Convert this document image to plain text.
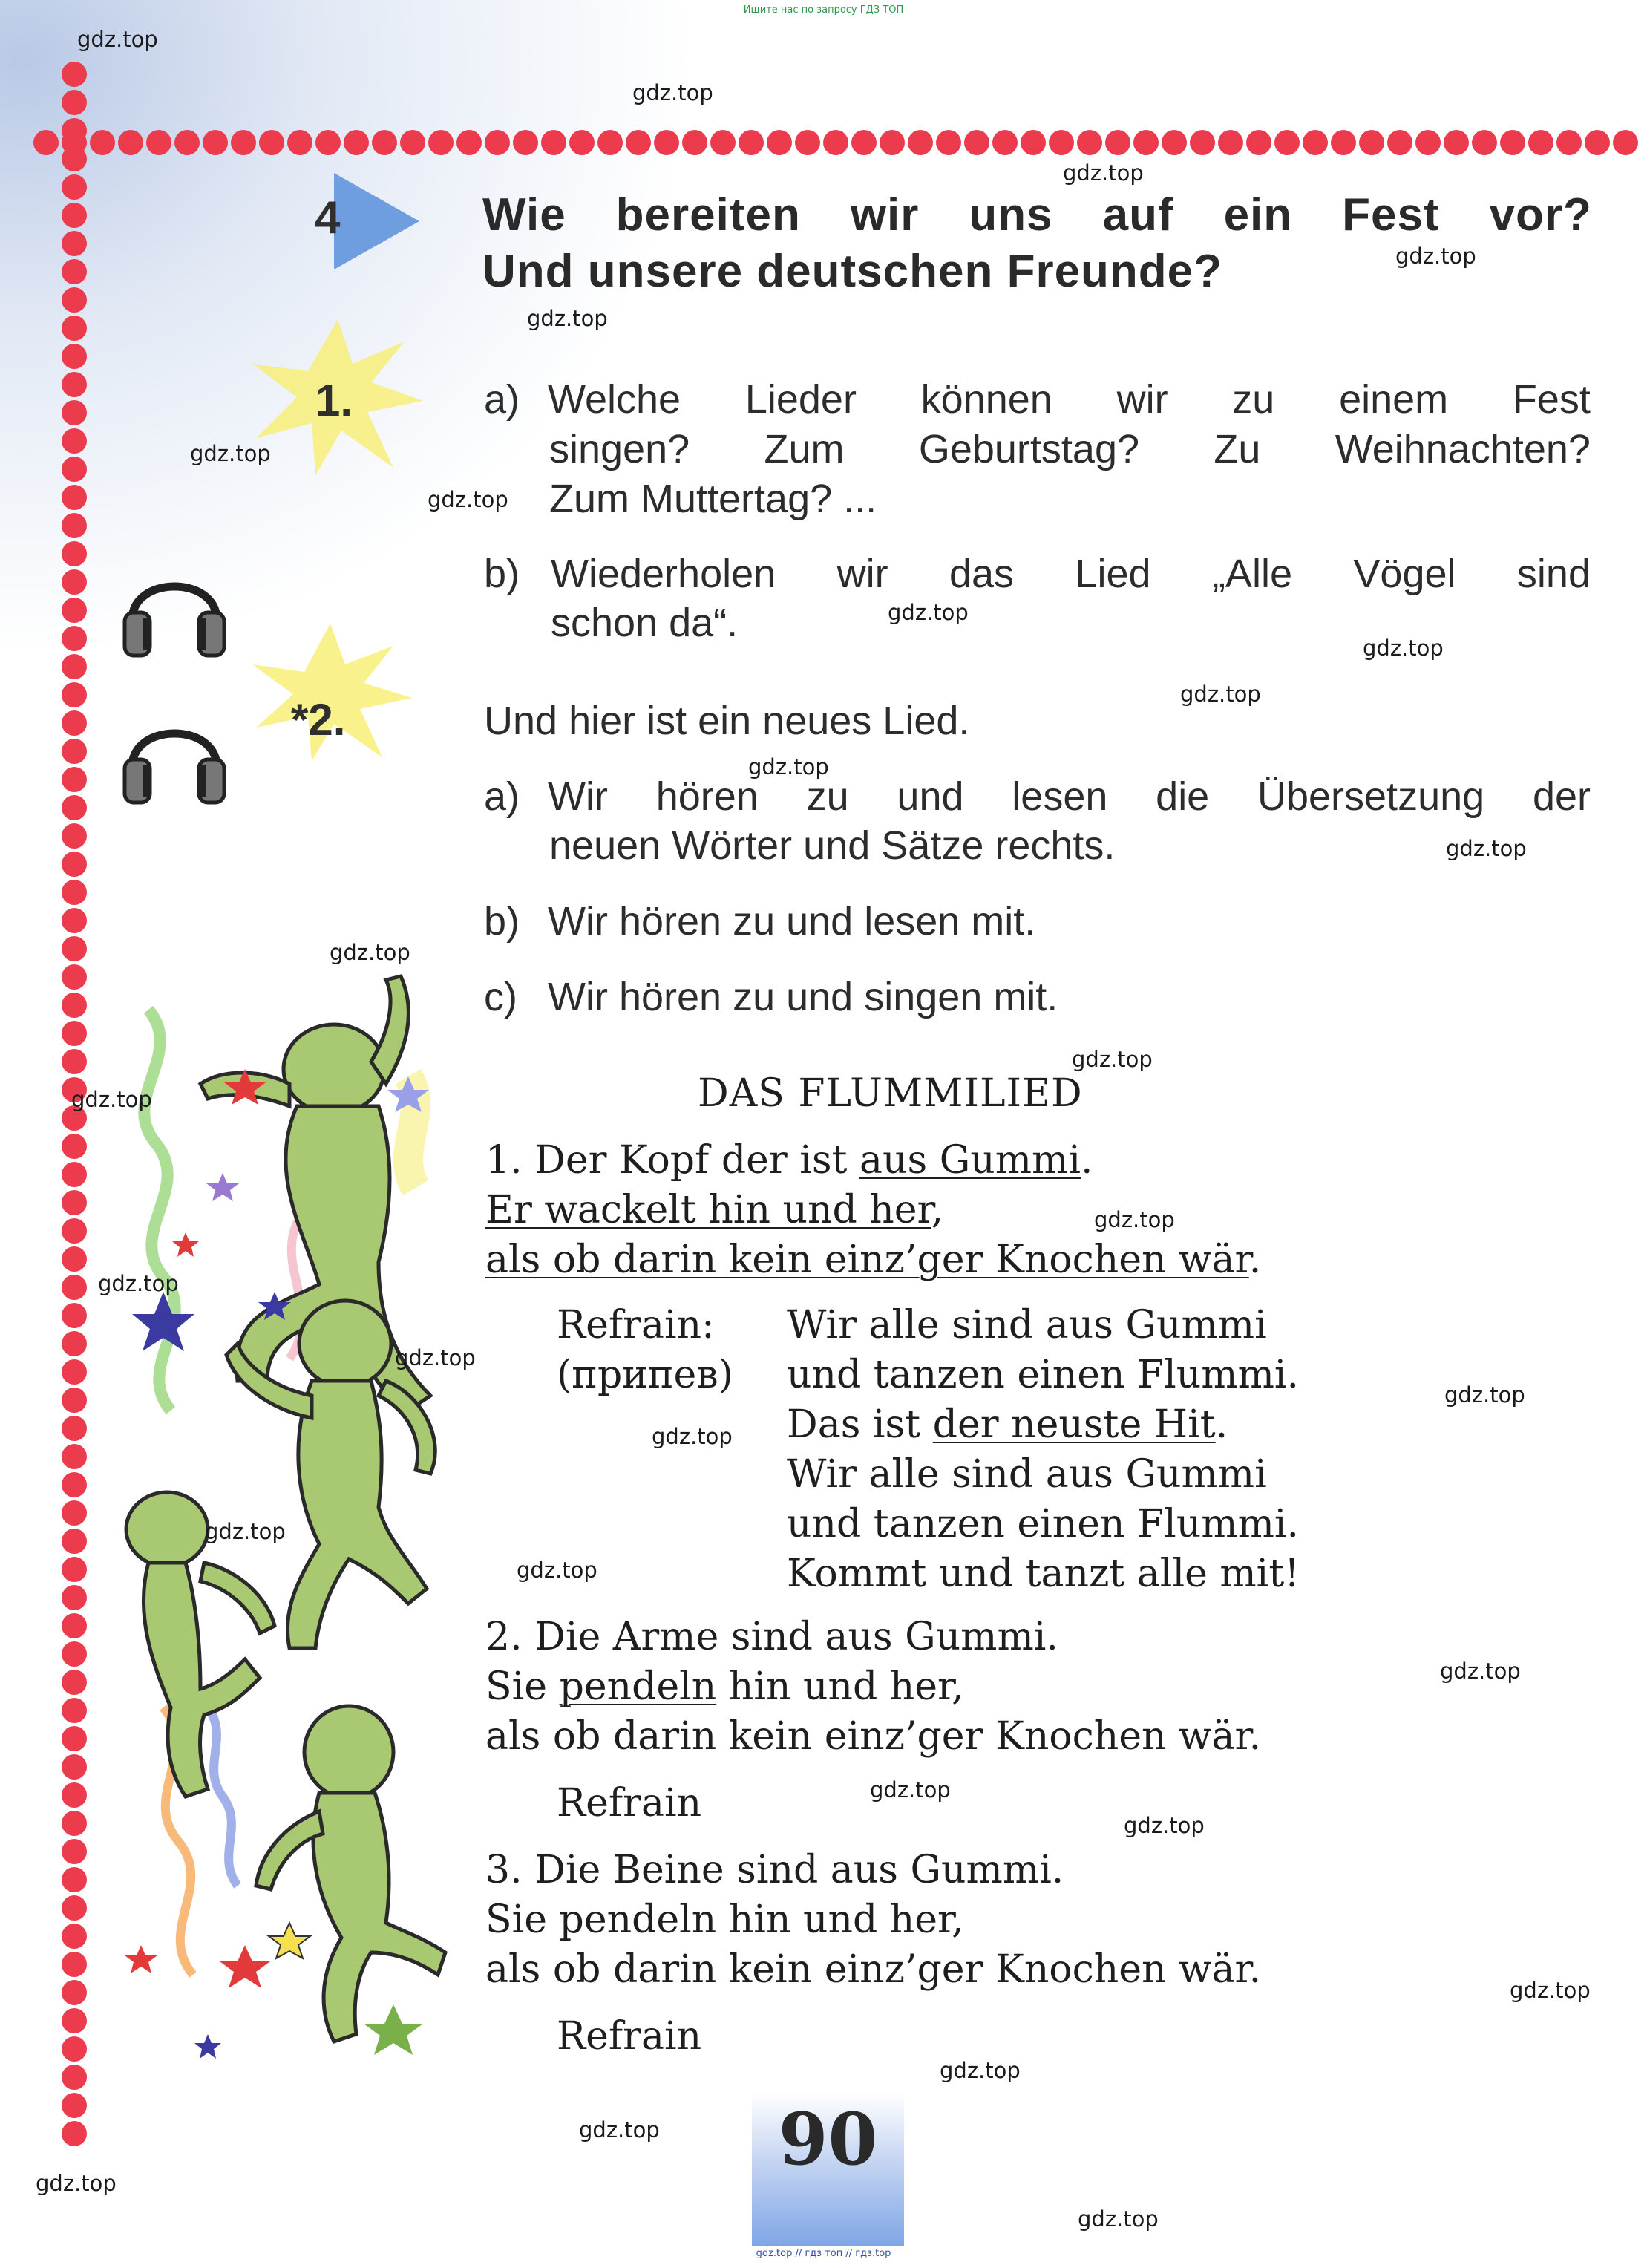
Ищите нас по запросу ГДЗ ТОП
4	Wie bereiten wir uns auf ein Fest vor?
Und unsere deutschen Freunde?
1.	a) Welche Lieder können wir zu einem Fest
singen? Zum Geburtstag? Zu Weihnachten?
Zum Muttertag? ...
b) Wiederholen wir das Lied „Alle Vögel sind
schon da“.
*2.	Und hier ist ein neues Lied.
a) Wir hören zu und lesen die Übersetzung der
neuen Wörter und Sätze rechts.
b) Wir hören zu und lesen mit.
c) Wir hören zu und singen mit.
DAS FLUMMILIED
1. Der Kopf der ist aus Gummi.
Er wackelt hin und her,
als ob darin kein einz’ger Knochen wär.
Refrain:
(припев)
Wir alle sind aus Gummi
und tanzen einen Flummi.
Das ist der neuste Hit.
Wir alle sind aus Gummi
und tanzen einen Flummi.
Kommt und tanzt alle mit!
2. Die Arme sind aus Gummi.
Sie pendeln hin und her,
als ob darin kein einz’ger Knochen wär.
Refrain
3. Die Beine sind aus Gummi.
Sie pendeln hin und her,
als ob darin kein einz’ger Knochen wär.
Refrain
90
gdz.top
gdz.top
gdz.top
gdz.top
gdz.top
gdz.top
gdz.top
gdz.top
gdz.top
gdz.top
gdz.top
gdz.top
gdz.top
gdz.top
gdz.top
gdz.top
gdz.top
gdz.top
gdz.top
gdz.top
gdz.top
gdz.top
gdz.top
gdz.top
gdz.top
gdz.top
gdz.top
gdz.top
gdz.top
gdz.top
gdz.top // гдз топ // гдз.top
